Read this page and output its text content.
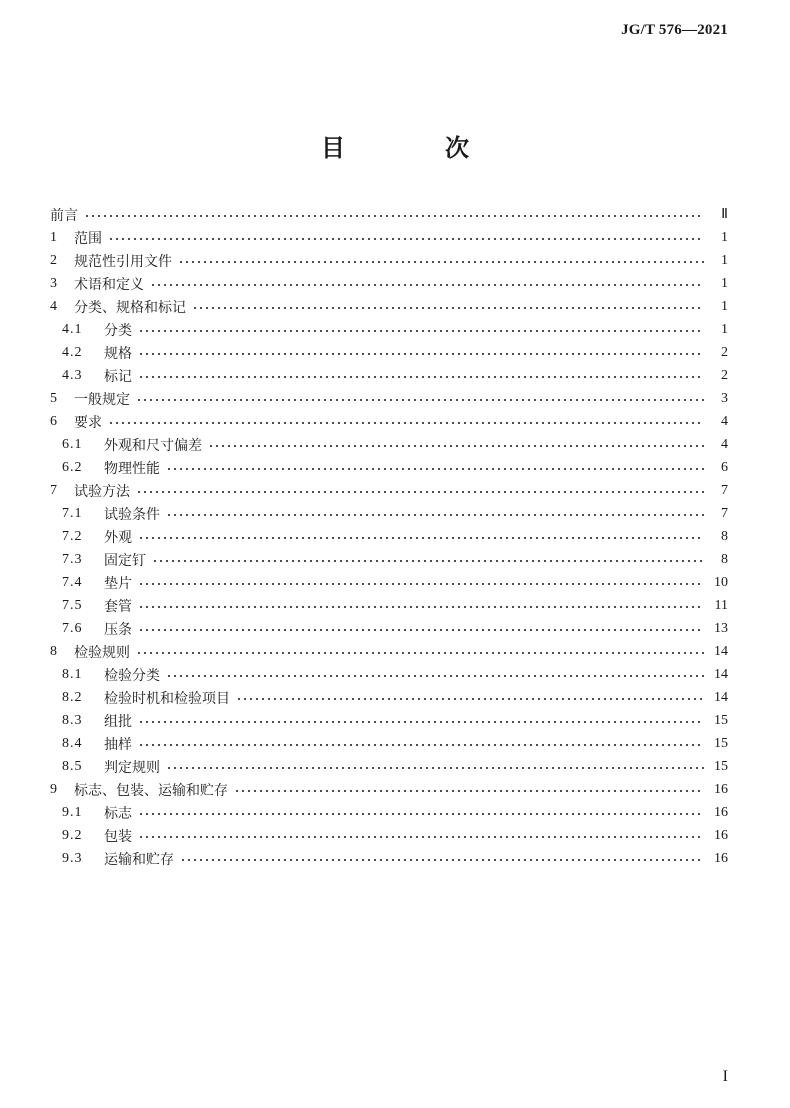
JG/T 576—2021
目　次
前言	Ⅱ
1	范围	1
2	规范性引用文件	1
3	术语和定义	1
4	分类、规格和标记	1
4.1	分类	1
4.2	规格	2
4.3	标记	2
5	一般规定	3
6	要求	4
6.1	外观和尺寸偏差	4
6.2	物理性能	6
7	试验方法	7
7.1	试验条件	7
7.2	外观	8
7.3	固定钉	8
7.4	垫片	10
7.5	套管	11
7.6	压条	13
8	检验规则	14
8.1	检验分类	14
8.2	检验时机和检验项目	14
8.3	组批	15
8.4	抽样	15
8.5	判定规则	15
9	标志、包装、运输和贮存	16
9.1	标志	16
9.2	包装	16
9.3	运输和贮存	16
I
